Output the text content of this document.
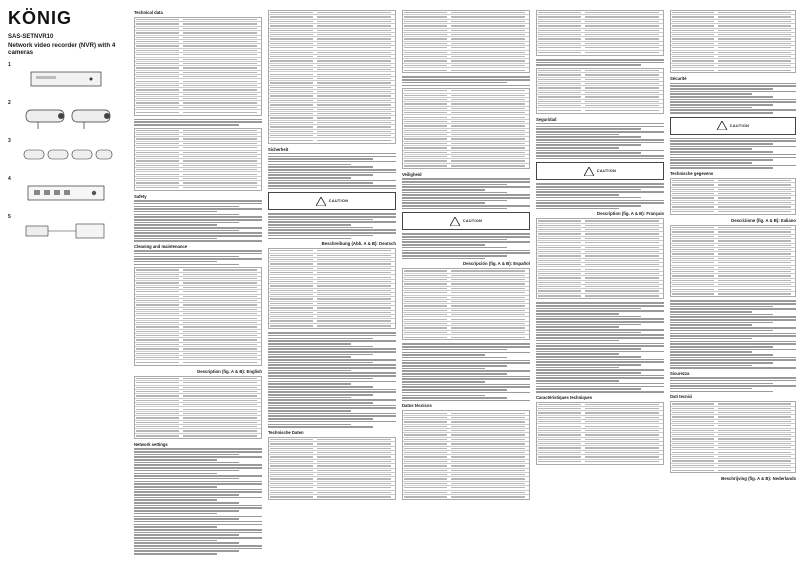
KÖNIG
SAS-SETNVR10
Network video recorder (NVR) with 4 cameras
1
2
3
4
5
Technical data
Safety
Cleaning and maintenance
Description (fig. A & B): English
Network settings
Sicherheit
CAUTION
Beschreibung (Abb. A & B): Deutsch
Technische Daten
Veiligheid
CAUTION
Descripción (fig. A & B): Español
Datos técnicos
Seguridad
CAUTION
Description (fig. A & B): Français
Caractéristiques techniques
Sécurité
CAUTION
Technische gegevens
Descrizione (fig. A & B): Italiano
Sicurezza
Dati tecnici
Beschrijving (fig. A & B): Nederlands
